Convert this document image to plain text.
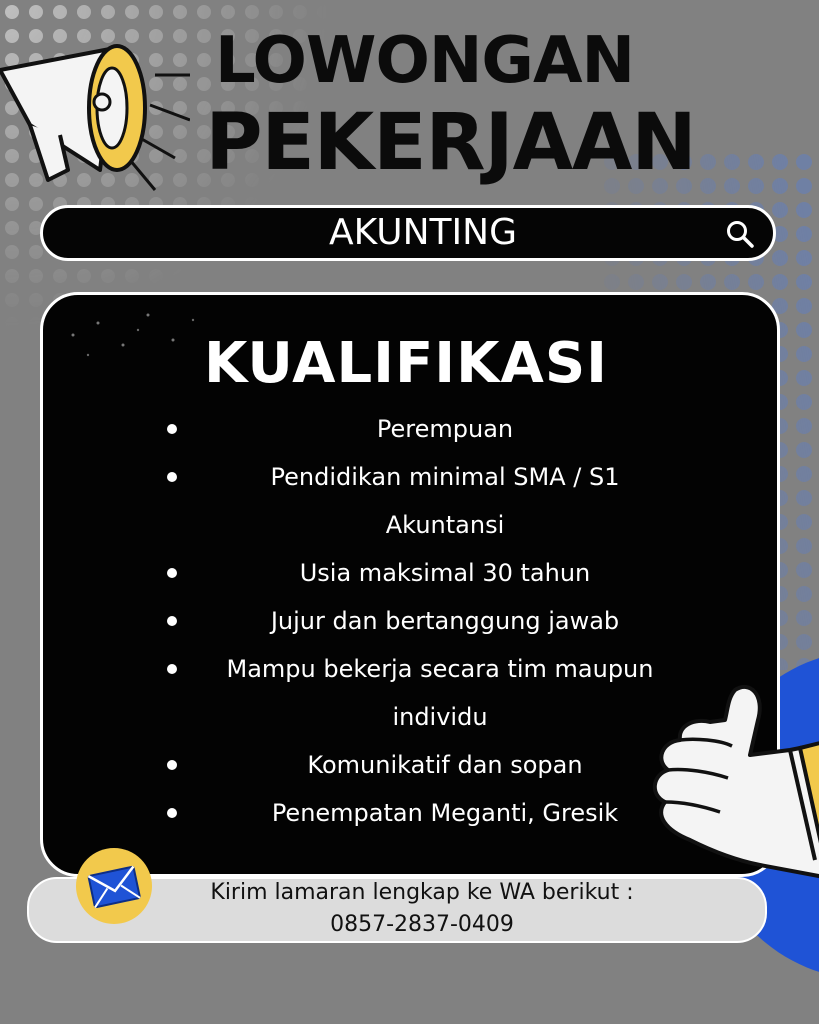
LOWONGAN
PEKERJAAN
AKUNTING
KUALIFIKASI
Perempuan
Pendidikan minimal SMA / S1 Akuntansi
Usia maksimal 30 tahun
Jujur dan bertanggung jawab
Mampu bekerja secara tim maupun individu
Komunikatif dan sopan
Penempatan Meganti, Gresik
Kirim lamaran lengkap ke WA berikut :
0857-2837-0409
